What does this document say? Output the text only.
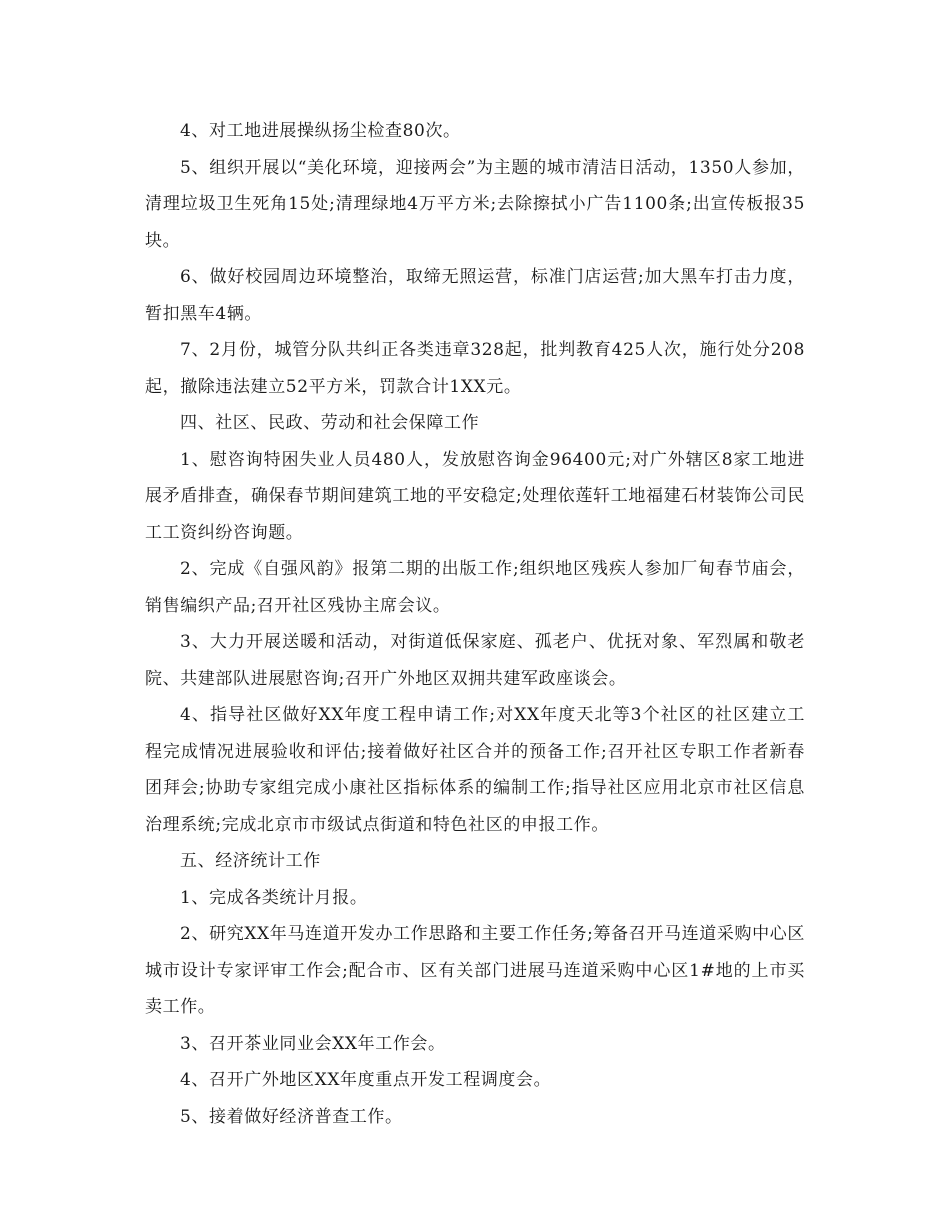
4、对工地进展操纵扬尘检查80次。

5、组织开展以“美化环境，迎接两会”为主题的城市清洁日活动，1350人参加，清理垃圾卫生死角15处;清理绿地4万平方米;去除擦拭小广告1100条;出宣传板报35块。

6、做好校园周边环境整治，取缔无照运营，标准门店运营;加大黑车打击力度，暂扣黑车4辆。

7、2月份，城管分队共纠正各类违章328起，批判教育425人次，施行处分208起，撤除违法建立52平方米，罚款合计1XX元。

四、社区、民政、劳动和社会保障工作

1、慰咨询特困失业人员480人，发放慰咨询金96400元;对广外辖区8家工地进展矛盾排查，确保春节期间建筑工地的平安稳定;处理依莲轩工地福建石材装饰公司民工工资纠纷咨询题。

2、完成《自强风韵》报第二期的出版工作;组织地区残疾人参加厂甸春节庙会，销售编织产品;召开社区残协主席会议。

3、大力开展送暖和活动，对街道低保家庭、孤老户、优抚对象、军烈属和敬老院、共建部队进展慰咨询;召开广外地区双拥共建军政座谈会。

4、指导社区做好XX年度工程申请工作;对XX年度天北等3个社区的社区建立工程完成情况进展验收和评估;接着做好社区合并的预备工作;召开社区专职工作者新春团拜会;协助专家组完成小康社区指标体系的编制工作;指导社区应用北京市社区信息治理系统;完成北京市市级试点街道和特色社区的申报工作。

五、经济统计工作

1、完成各类统计月报。

2、研究XX年马连道开发办工作思路和主要工作任务;筹备召开马连道采购中心区城市设计专家评审工作会;配合市、区有关部门进展马连道采购中心区1#地的上市买卖工作。

3、召开茶业同业会XX年工作会。

4、召开广外地区XX年度重点开发工程调度会。

5、接着做好经济普查工作。
